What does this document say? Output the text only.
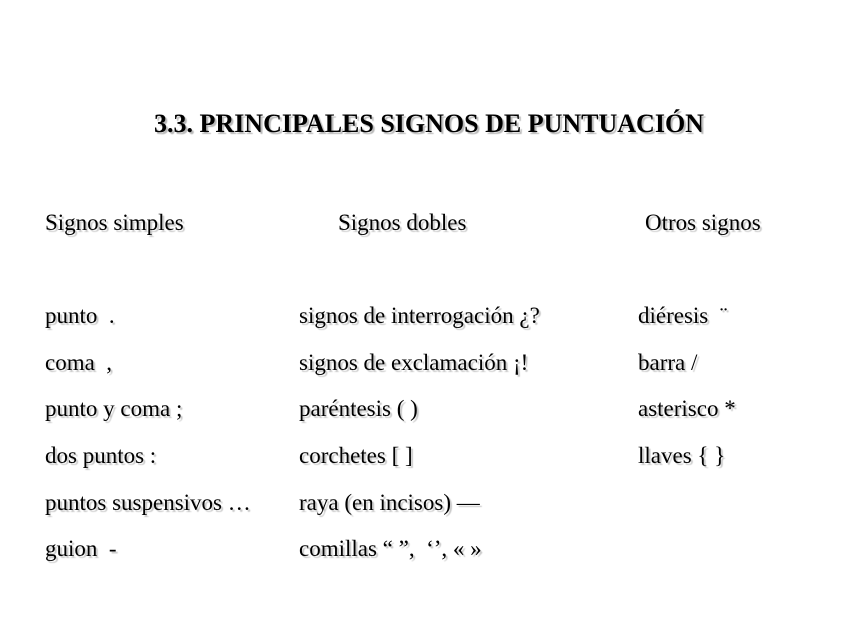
3.3. PRINCIPALES SIGNOS DE PUNTUACIÓN
Signos simples	Signos dobles	Otros signos
punto  .
coma  ,
punto y coma ;
dos puntos :
puntos suspensivos …
guion  -
signos de interrogación ¿?
signos de exclamación ¡!
paréntesis ( )
corchetes [ ]
raya (en incisos) —
comillas “ ”,  ‘’, « »
diéresis  ¨
barra /
asterisco *
llaves { }
